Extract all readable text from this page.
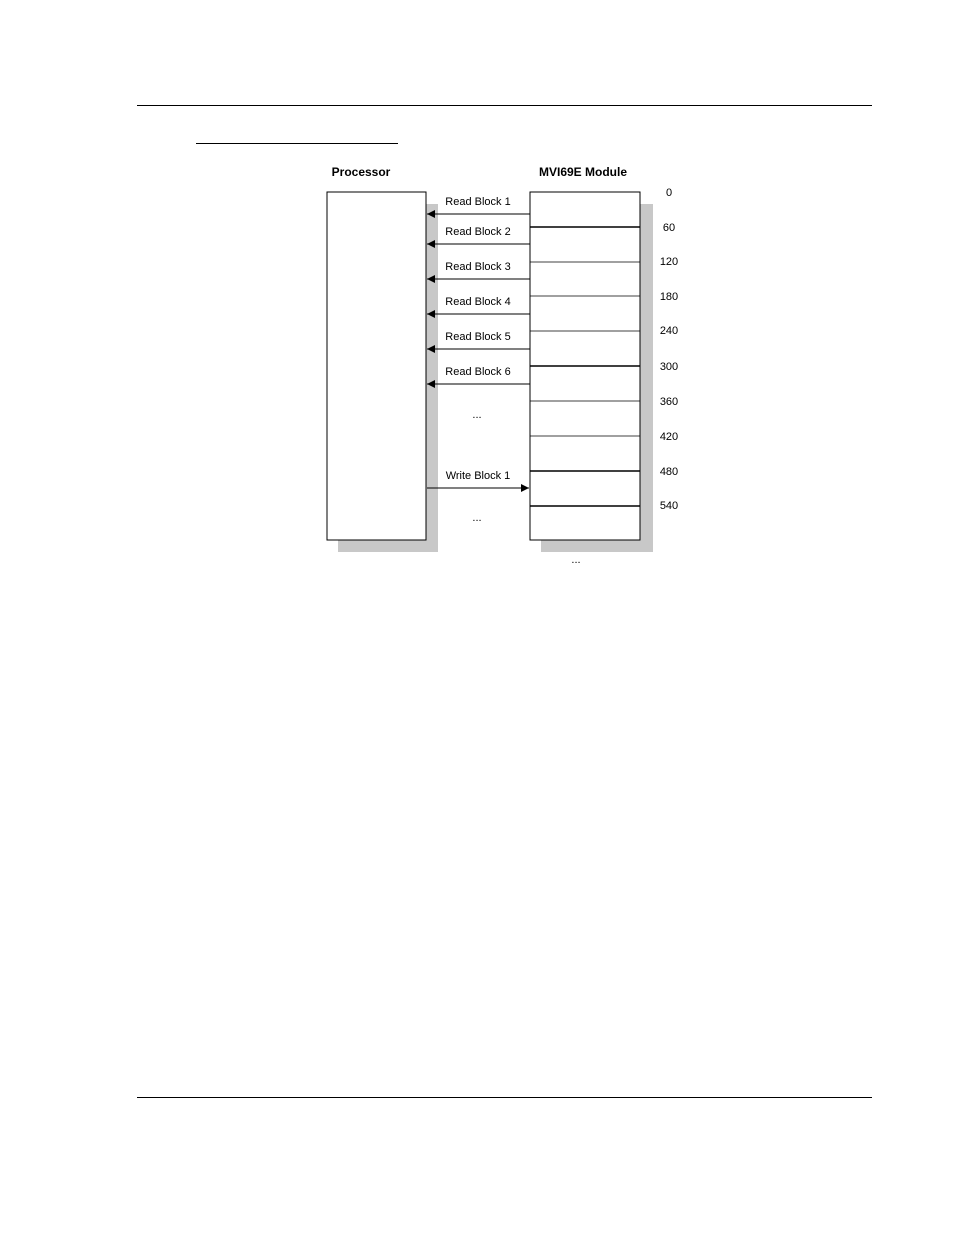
Processor	MVI69E Module
0
60
120
180
240
300
360
420
480
540
Read Block 1
Read Block 2
Read Block 3
Read Block 4
Read Block 5
Read Block 6
Write Block 1
...
...
...
